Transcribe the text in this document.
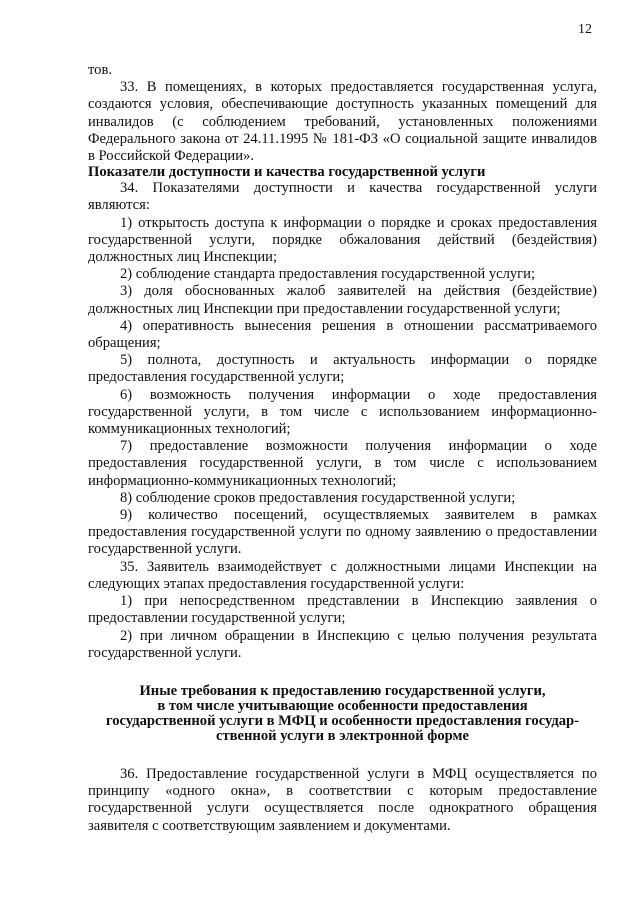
12

тов.

33. В помещениях, в которых предоставляется государственная услуга, создаются условия, обеспечивающие доступность указанных помещений для инвалидов (с соблюдением требований, установленных положениями Федерального закона от 24.11.1995 № 181-ФЗ «О социальной защите инвалидов в Российской Федерации».

Показатели доступности и качества государственной услуги

34. Показателями доступности и качества государственной услуги являются:

1) открытость доступа к информации о порядке и сроках предоставления государственной услуги, порядке обжалования действий (бездействия) должностных лиц Инспекции;

2) соблюдение стандарта предоставления государственной услуги;

3) доля обоснованных жалоб заявителей на действия (бездействие) должностных лиц Инспекции при предоставлении государственной услуги;

4) оперативность вынесения решения в отношении рассматриваемого обращения;

5) полнота, доступность и актуальность информации о порядке предоставления государственной услуги;

6) возможность получения информации о ходе предоставления государственной услуги, в том числе с использованием информационно-коммуникационных технологий;

7) предоставление возможности получения информации о ходе предоставления государственной услуги, в том числе с использованием информационно-коммуникационных технологий;

8) соблюдение сроков предоставления государственной услуги;

9) количество посещений, осуществляемых заявителем в рамках предоставления государственной услуги по одному заявлению о предоставлении государственной услуги.

35. Заявитель взаимодействует с должностными лицами Инспекции на следующих этапах предоставления государственной услуги:

1) при непосредственном представлении в Инспекцию заявления о предоставлении государственной услуги;

2) при личном обращении в Инспекцию с целью получения результата государственной услуги.

Иные требования к предоставлению государственной услуги,
в том числе учитывающие особенности предоставления
государственной услуги в МФЦ и особенности предоставления государ-
ственной услуги в электронной форме

36. Предоставление государственной услуги в МФЦ осуществляется по принципу «одного окна», в соответствии с которым предоставление государственной услуги осуществляется после однократного обращения заявителя с соответствующим заявлением и документами.
